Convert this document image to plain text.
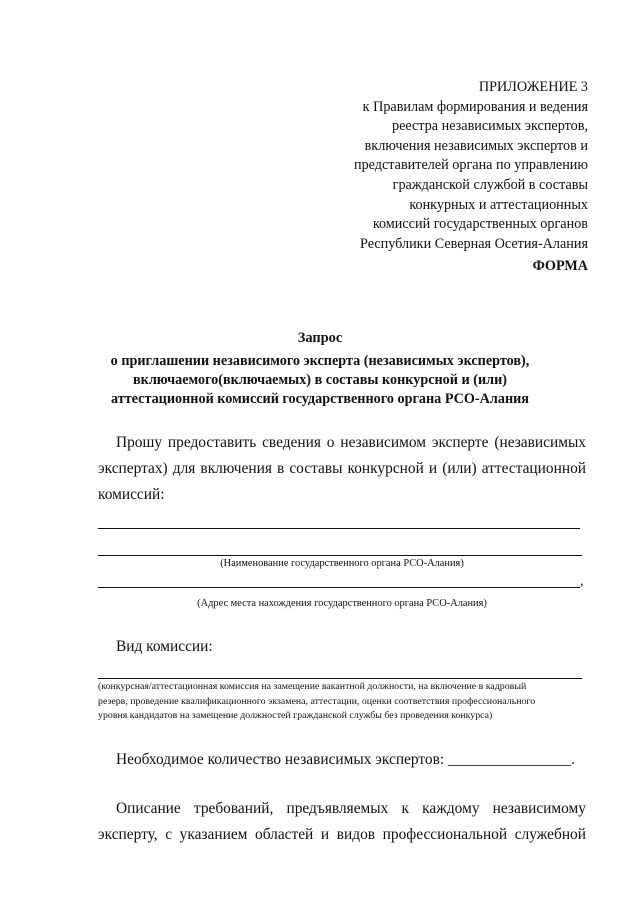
ПРИЛОЖЕНИЕ 3
к Правилам формирования и ведения
реестра независимых экспертов,
включения независимых экспертов и
представителей органа по управлению
гражданской службой в составы
конкурных и аттестационных
комиссий государственных органов
Республики Северная Осетия-Алания
ФОРМА
Запрос
о приглашении независимого эксперта (независимых экспертов),
включаемого(включаемых) в составы конкурсной и (или)
аттестационной комиссий государственного органа РСО-Алания
Прошу предоставить сведения о независимом эксперте (независимых
экспертах) для включения в составы конкурсной и (или) аттестационной
комиссий:
(Наименование государственного органа РСО-Алания)
,
(Адрес места нахождения государственного органа РСО-Алания)
Вид комиссии:
(конкурсная/аттестационная комиссия на замещение вакантной должности, на включение в кадровый
резерв, проведение квалификационного экзамена, аттестации, оценки соответствия профессионального
уровня кандидатов на замещение должностей гражданской службы без проведения конкурса)
Необходимое количество независимых экспертов: ________________.
Описание требований, предъявляемых к каждому независимому
эксперту, с указанием областей и видов профессиональной служебной
